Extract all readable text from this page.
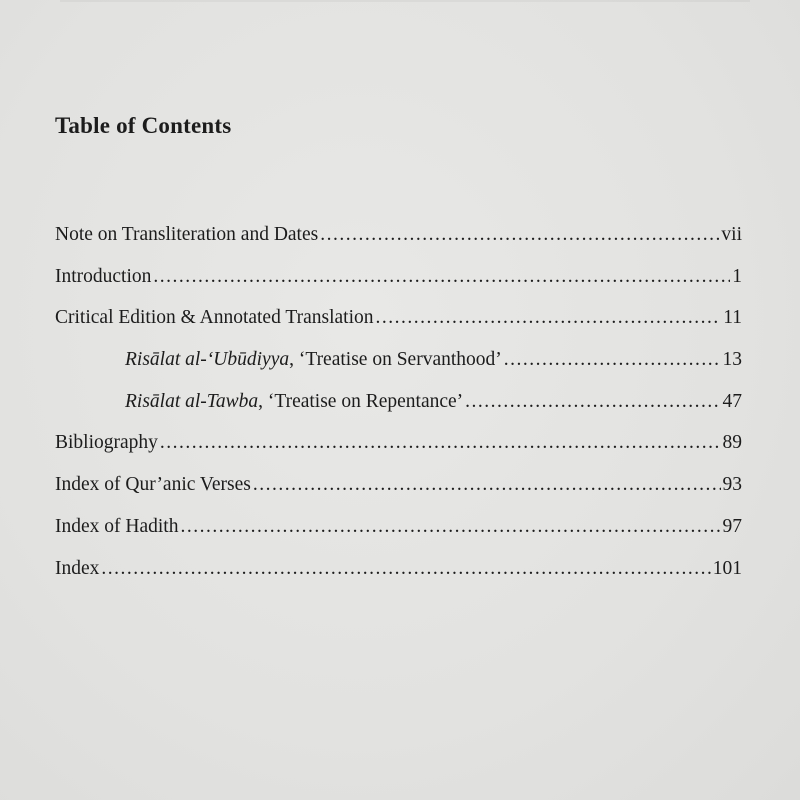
Table of Contents
Note on Transliteration and Dates .....	vii
Introduction .....	1
Critical Edition & Annotated Translation .....	11
Risālat al-‘Ubūdiyya, ‘Treatise on Servanthood’ .....	13
Risālat al-Tawba, ‘Treatise on Repentance’ .....	47
Bibliography .....	89
Index of Qur’anic Verses .....	93
Index of Hadith .....	97
Index .....	101
